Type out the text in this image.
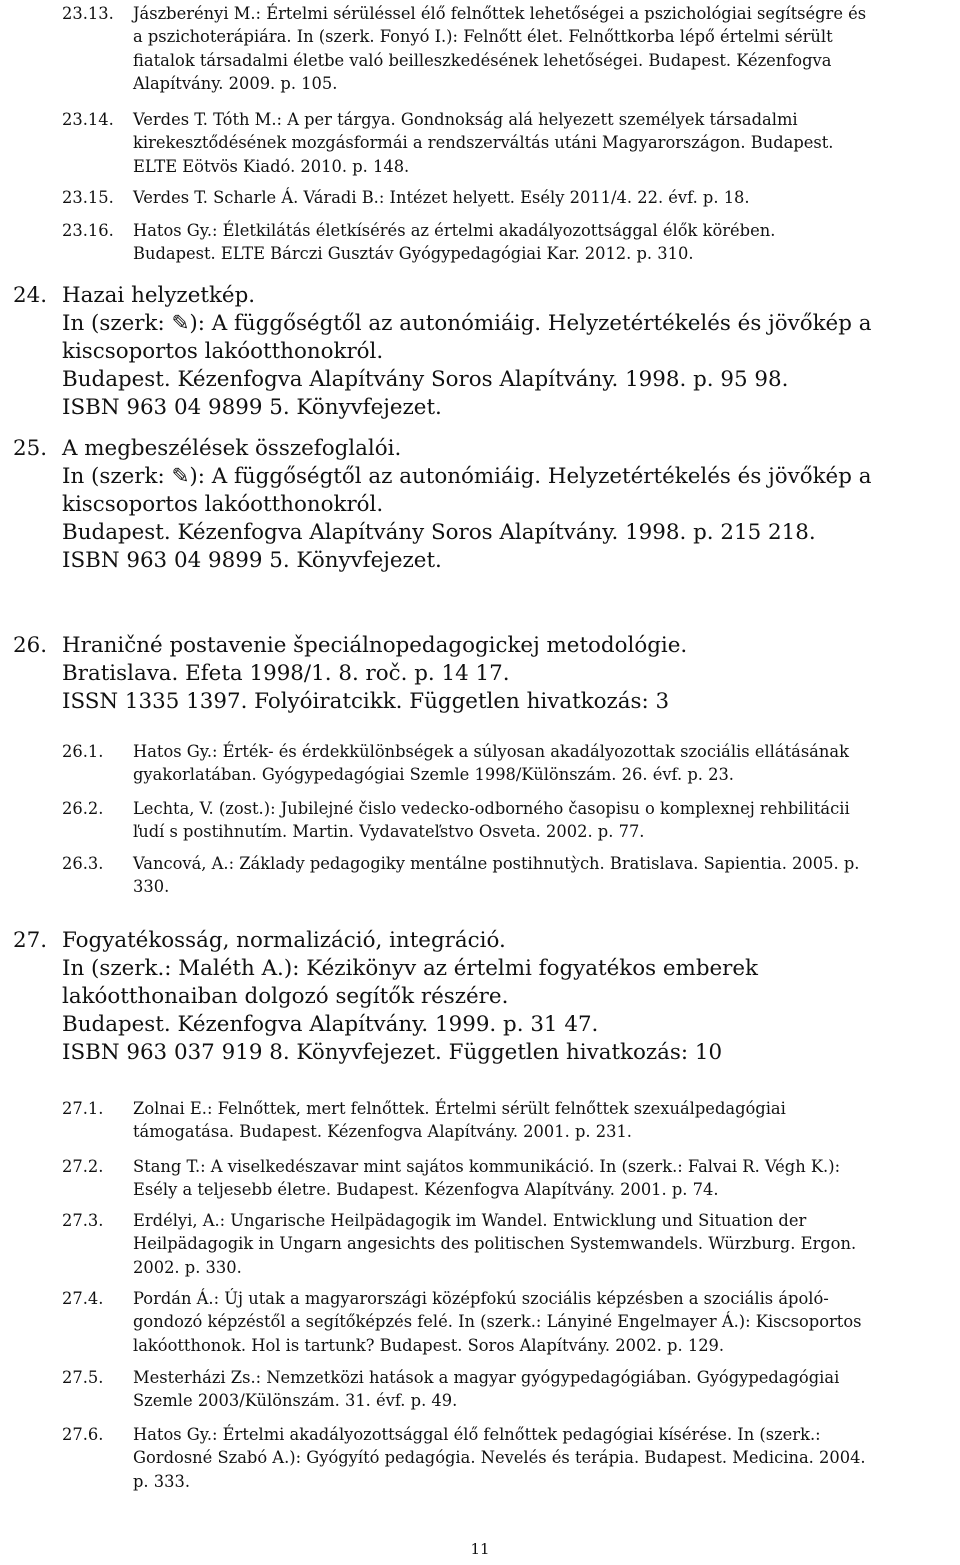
23.13. Jászberényi M.: Értelmi sérüléssel élő felnőttek lehetőségei a pszichológiai segítségre és
a pszichoterápiára. In (szerk. Fonyó I.): Felnőtt élet. Felnőttkorba lépő értelmi sérült
fiatalok társadalmi életbe való beilleszkedésének lehetőségei. Budapest. Kézenfogva
Alapítvány. 2009. p. 105.
23.14. Verdes T. Tóth M.: A per tárgya. Gondnokság alá helyezett személyek társadalmi
kirekesztődésének mozgásformái a rendszerváltás utáni Magyarországon. Budapest.
ELTE Eötvös Kiadó. 2010. p. 148.
23.15. Verdes T. Scharle Á. Váradi B.: Intézet helyett. Esély 2011/4. 22. évf. p. 18.
23.16. Hatos Gy.: Életkilátás életkísérés az értelmi akadályozottsággal élők körében.
Budapest. ELTE Bárczi Gusztáv Gyógypedagógiai Kar. 2012. p. 310.
24. Hazai helyzetkép.
In (szerk: ✎): A függőségtől az autonómiáig. Helyzetértékelés és jövőkép a
kiscsoportos lakóotthonokról.
Budapest. Kézenfogva Alapítvány Soros Alapítvány. 1998. p. 95 98.
ISBN 963 04 9899 5. Könyvfejezet.
25. A megbeszélések összefoglalói.
In (szerk: ✎): A függőségtől az autonómiáig. Helyzetértékelés és jövőkép a
kiscsoportos lakóotthonokról.
Budapest. Kézenfogva Alapítvány Soros Alapítvány. 1998. p. 215 218.
ISBN 963 04 9899 5. Könyvfejezet.
26. Hraničné postavenie špeciálnopedagogickej metodológie.
Bratislava. Efeta 1998/1. 8. roč. p. 14 17.
ISSN 1335 1397. Folyóiratcikk. Független hivatkozás: 3
26.1. Hatos Gy.: Érték- és érdekkülönbségek a súlyosan akadályozottak szociális ellátásának
gyakorlatában. Gyógypedagógiai Szemle 1998/Különszám. 26. évf. p. 23.
26.2. Lechta, V. (zost.): Jubilejné čislo vedecko-odborného časopisu o komplexnej rehbilitácii
ľudí s postihnutím. Martin. Vydavateľstvo Osveta. 2002. p. 77.
26.3. Vancová, A.: Základy pedagogiky mentálne postihnutỳch. Bratislava. Sapientia. 2005. p.
330.
27. Fogyatékosság, normalizáció, integráció.
In (szerk.: Maléth A.): Kézikönyv az értelmi fogyatékos emberek
lakóotthonaiban dolgozó segítők részére.
Budapest. Kézenfogva Alapítvány. 1999. p. 31 47.
ISBN 963 037 919 8. Könyvfejezet. Független hivatkozás: 10
27.1. Zolnai E.: Felnőttek, mert felnőttek. Értelmi sérült felnőttek szexuálpedagógiai
támogatása. Budapest. Kézenfogva Alapítvány. 2001. p. 231.
27.2. Stang T.: A viselkedészavar mint sajátos kommunikáció. In (szerk.: Falvai R. Végh K.):
Esély a teljesebb életre. Budapest. Kézenfogva Alapítvány. 2001. p. 74.
27.3. Erdélyi, A.: Ungarische Heilpädagogik im Wandel. Entwicklung und Situation der
Heilpädagogik in Ungarn angesichts des politischen Systemwandels. Würzburg. Ergon.
2002. p. 330.
27.4. Pordán Á.: Új utak a magyarországi középfokú szociális képzésben a szociális ápoló-
gondozó képzéstől a segítőképzés felé. In (szerk.: Lányiné Engelmayer Á.): Kiscsoportos
lakóotthonok. Hol is tartunk? Budapest. Soros Alapítvány. 2002. p. 129.
27.5. Mesterházi Zs.: Nemzetközi hatások a magyar gyógypedagógiában. Gyógypedagógiai
Szemle 2003/Különszám. 31. évf. p. 49.
27.6. Hatos Gy.: Értelmi akadályozottsággal élő felnőttek pedagógiai kísérése. In (szerk.:
Gordosné Szabó A.): Gyógyító pedagógia. Nevelés és terápia. Budapest. Medicina. 2004.
p. 333.
11
